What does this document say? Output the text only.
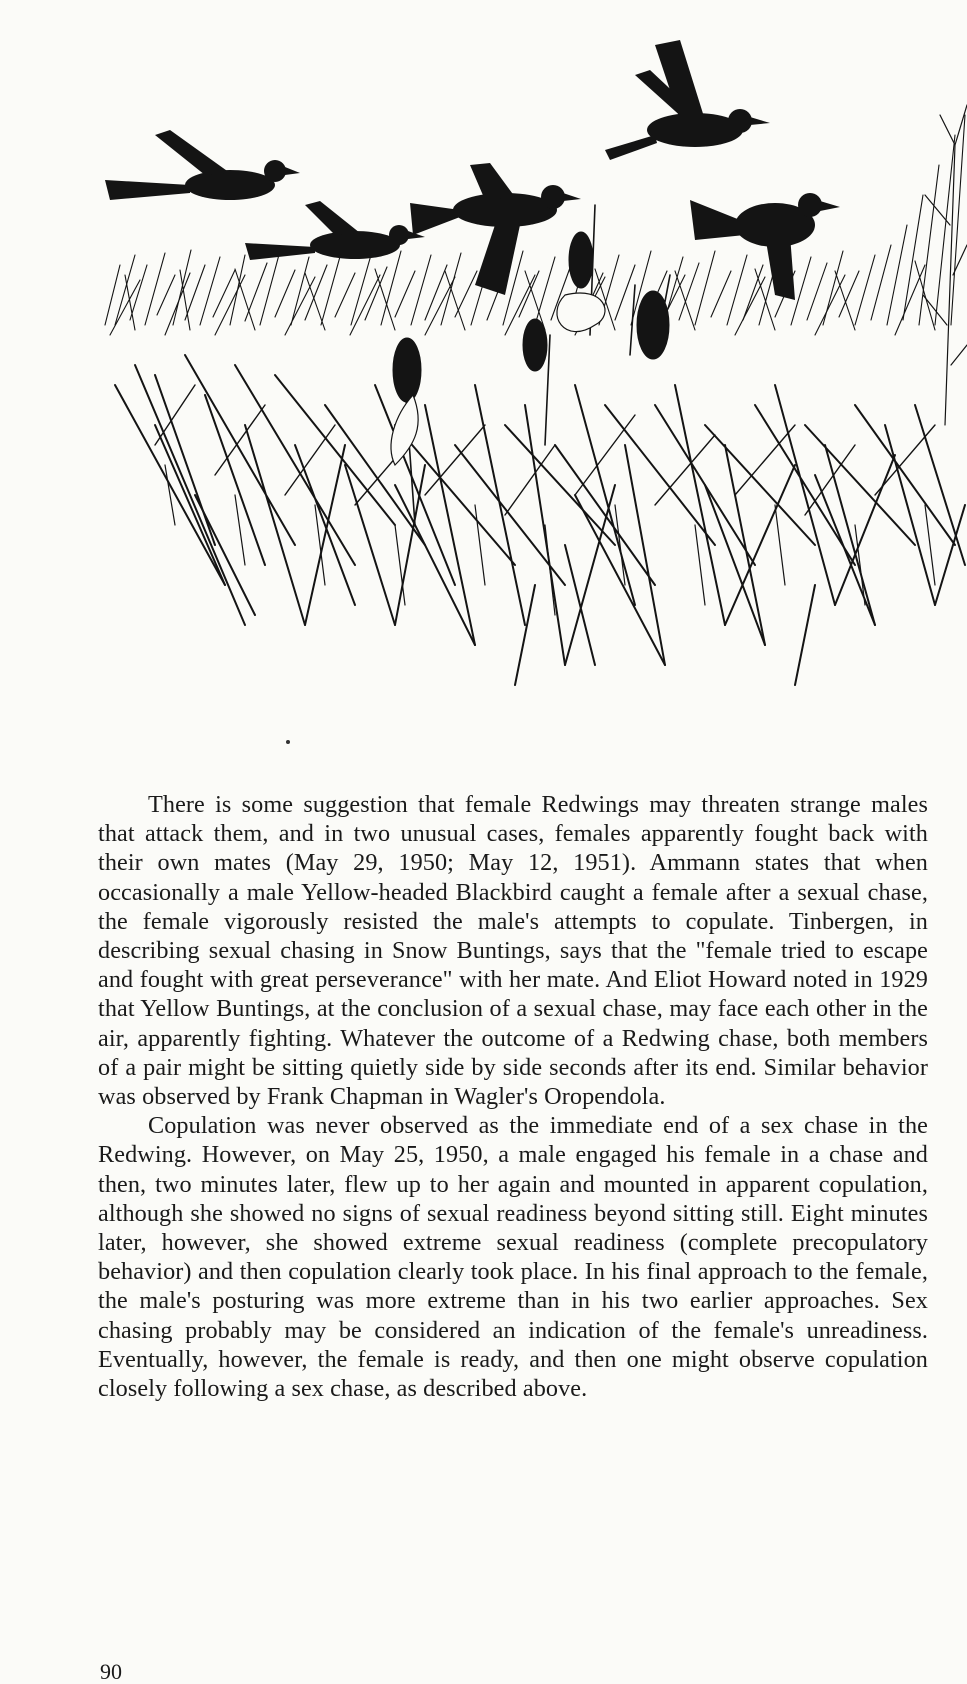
There is some suggestion that female Redwings may threaten strange males that attack them, and in two unusual cases, females apparently fought back with their own mates (May 29, 1950; May 12, 1951). Ammann states that when occasionally a male Yellow-headed Blackbird caught a female after a sexual chase, the female vigorously resisted the male's attempts to copulate. Tinbergen, in describing sexual chasing in Snow Buntings, says that the "female tried to escape and fought with great perseverance" with her mate. And Eliot Howard noted in 1929 that Yellow Buntings, at the conclusion of a sexual chase, may face each other in the air, apparently fighting. Whatever the outcome of a Redwing chase, both members of a pair might be sitting quietly side by side seconds after its end. Similar behavior was observed by Frank Chapman in Wagler's Oropendola.

Copulation was never observed as the immediate end of a sex chase in the Redwing. However, on May 25, 1950, a male engaged his female in a chase and then, two minutes later, flew up to her again and mounted in apparent copulation, although she showed no signs of sexual readiness beyond sitting still. Eight minutes later, however, she showed extreme sexual readiness (complete precopulatory behavior) and then copulation clearly took place. In his final approach to the female, the male's posturing was more extreme than in his two earlier approaches. Sex chasing probably may be considered an indication of the female's unreadiness. Eventually, however, the female is ready, and then one might observe copulation closely following a sex chase, as described above.

90
